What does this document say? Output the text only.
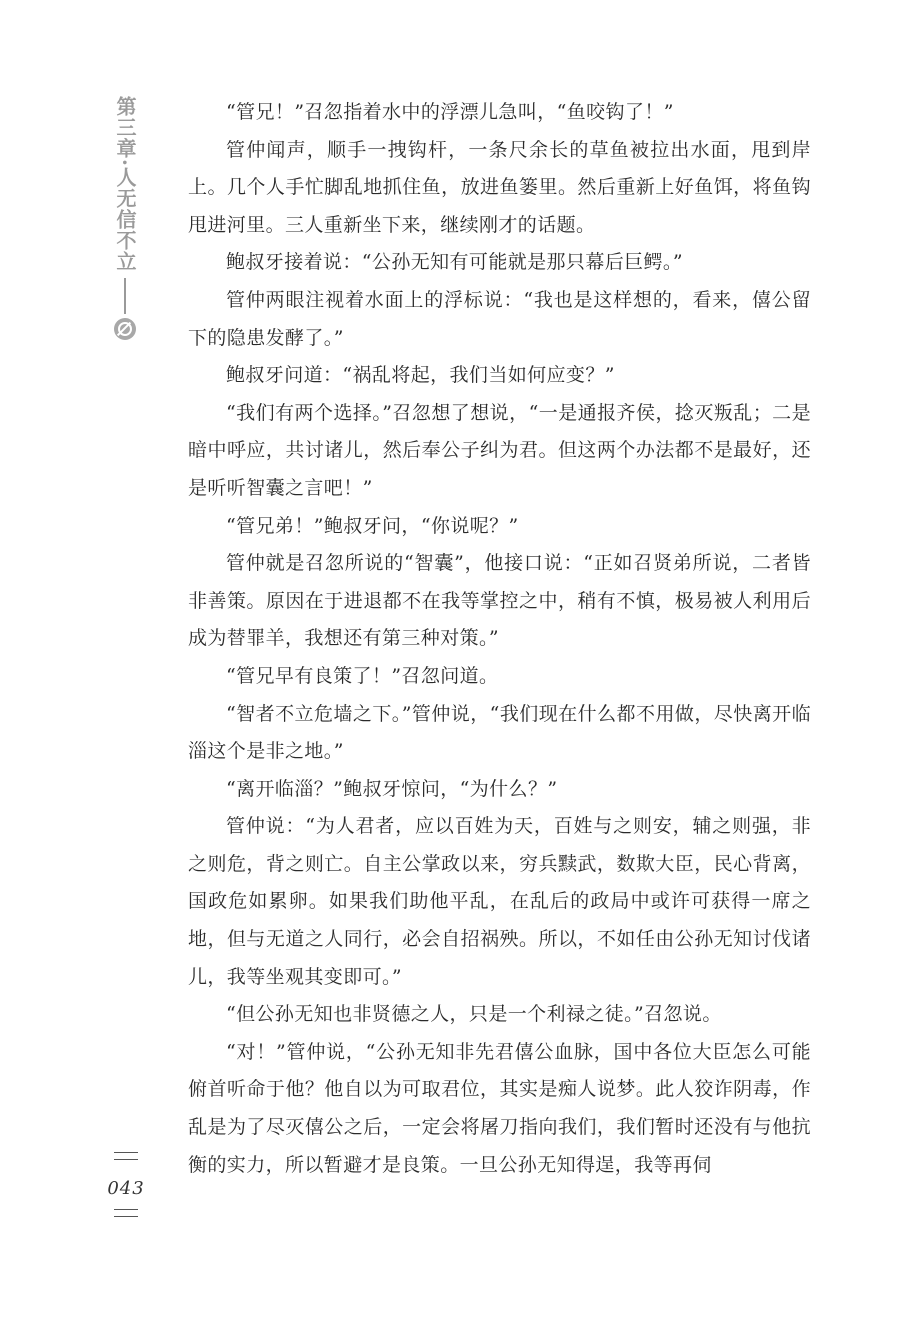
第三章·人无信不立
043

“管兄！”召忽指着水中的浮漂儿急叫，“鱼咬钩了！”

管仲闻声，顺手一拽钩杆，一条尺余长的草鱼被拉出水面，甩到岸上。几个人手忙脚乱地抓住鱼，放进鱼篓里。然后重新上好鱼饵，将鱼钩甩进河里。三人重新坐下来，继续刚才的话题。

鲍叔牙接着说：“公孙无知有可能就是那只幕后巨鳄。”

管仲两眼注视着水面上的浮标说：“我也是这样想的，看来，僖公留下的隐患发酵了。”

鲍叔牙问道：“祸乱将起，我们当如何应变？”

“我们有两个选择。”召忽想了想说，“一是通报齐侯，捻灭叛乱；二是暗中呼应，共讨诸儿，然后奉公子纠为君。但这两个办法都不是最好，还是听听智囊之言吧！”

“管兄弟！”鲍叔牙问，“你说呢？”

管仲就是召忽所说的“智囊”，他接口说：“正如召贤弟所说，二者皆非善策。原因在于进退都不在我等掌控之中，稍有不慎，极易被人利用后成为替罪羊，我想还有第三种对策。”

“管兄早有良策了！”召忽问道。

“智者不立危墙之下。”管仲说，“我们现在什么都不用做，尽快离开临淄这个是非之地。”

“离开临淄？”鲍叔牙惊问，“为什么？”

管仲说：“为人君者，应以百姓为天，百姓与之则安，辅之则强，非之则危，背之则亡。自主公掌政以来，穷兵黩武，数欺大臣，民心背离，国政危如累卵。如果我们助他平乱，在乱后的政局中或许可获得一席之地，但与无道之人同行，必会自招祸殃。所以，不如任由公孙无知讨伐诸儿，我等坐观其变即可。”

“但公孙无知也非贤德之人，只是一个利禄之徒。”召忽说。

“对！”管仲说，“公孙无知非先君僖公血脉，国中各位大臣怎么可能俯首听命于他？他自以为可取君位，其实是痴人说梦。此人狡诈阴毒，作乱是为了尽灭僖公之后，一定会将屠刀指向我们，我们暂时还没有与他抗衡的实力，所以暂避才是良策。一旦公孙无知得逞，我等再伺
